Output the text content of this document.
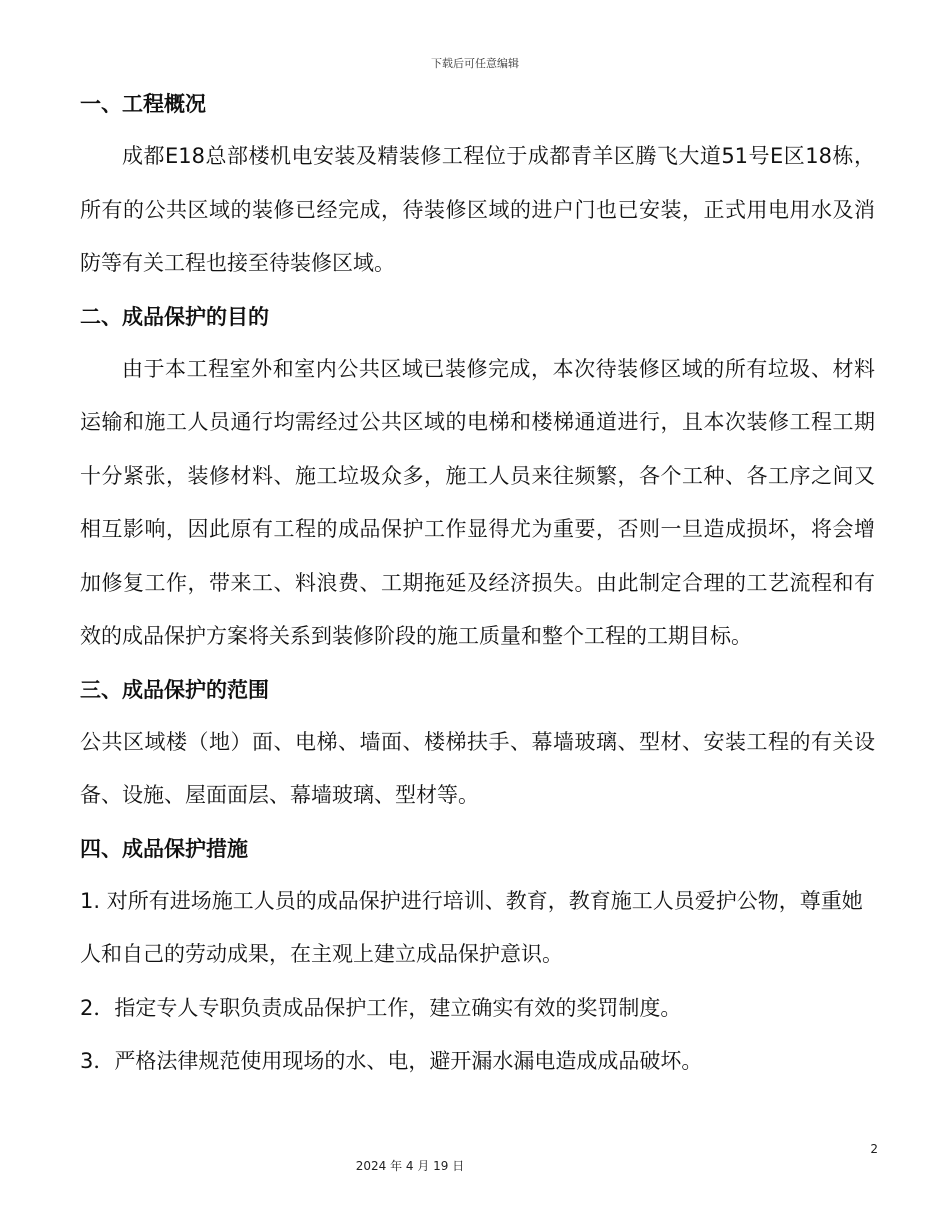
下载后可任意编辑
一、工程概况

成都E18总部楼机电安装及精装修工程位于成都青羊区腾飞大道51号E区18栋，所有的公共区域的装修已经完成，待装修区域的进户门也已安装，正式用电用水及消防等有关工程也接至待装修区域。

二、成品保护的目的

由于本工程室外和室内公共区域已装修完成，本次待装修区域的所有垃圾、材料运输和施工人员通行均需经过公共区域的电梯和楼梯通道进行，且本次装修工程工期十分紧张，装修材料、施工垃圾众多，施工人员来往频繁，各个工种、各工序之间又相互影响，因此原有工程的成品保护工作显得尤为重要，否则一旦造成损坏，将会增加修复工作，带来工、料浪费、工期拖延及经济损失。由此制定合理的工艺流程和有效的成品保护方案将关系到装修阶段的施工质量和整个工程的工期目标。

三、成品保护的范围

公共区域楼（地）面、电梯、墙面、楼梯扶手、幕墙玻璃、型材、安装工程的有关设备、设施、屋面面层、幕墙玻璃、型材等。

四、成品保护措施

1. 对所有进场施工人员的成品保护进行培训、教育，教育施工人员爱护公物，尊重她人和自己的劳动成果，在主观上建立成品保护意识。

2．指定专人专职负责成品保护工作，建立确实有效的奖罚制度。

3．严格法律规范使用现场的水、电，避开漏水漏电造成成品破坏。

2
2024 年 4 月 19 日
